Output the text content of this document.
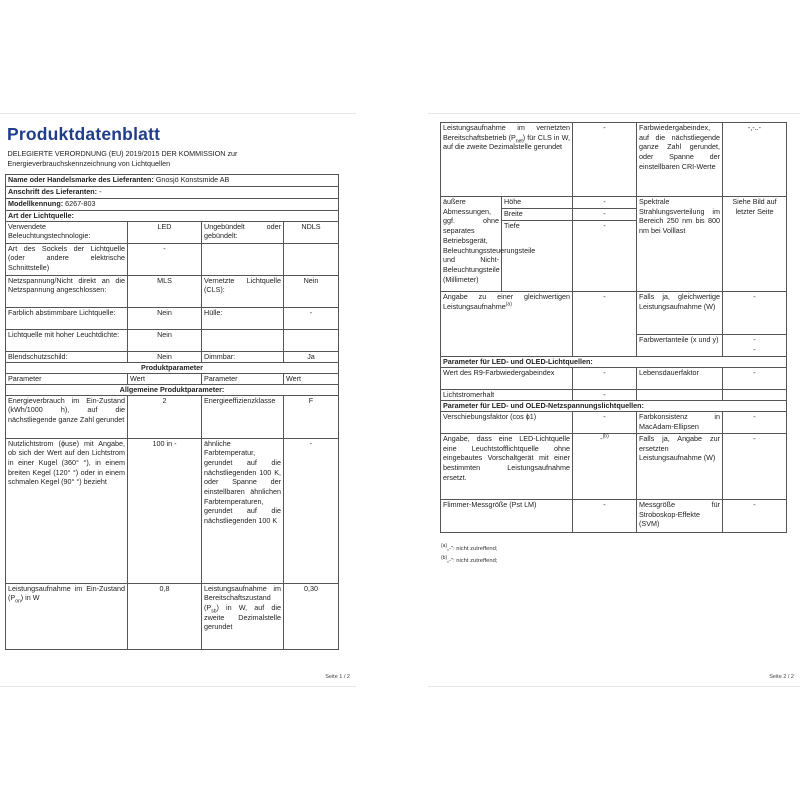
Produktdatenblatt
DELEGIERTE VERORDNUNG (EU) 2019/2015 DER KOMMISSION zur Energieverbrauchskennzeichnung von Lichtquellen			
Name oder Handelsmarke des Lieferanten: Gnosjö Konstsmide AB			
Anschrift des Lieferanten: -			
Modellkennung: 6267-803			
Art der Lichtquelle:			
Verwendete Beleuchtungstechnologie:	LED	Ungebündelt oder gebündelt:	NDLS
Art des Sockels der Lichtquelle (oder andere elektrische Schnittstelle)	-		
Netzspannung/Nicht direkt an die Netzspannung angeschlossen:	MLS	Vernetzte Lichtquelle (CLS):	Nein
Farblich abstimmbare Lichtquelle:	Nein	Hülle:	-
Lichtquelle mit hoher Leuchtdichte:	Nein		
Blendschutzschild:	Nein	Dimmbar:	Ja
Produktparameter			
Parameter	Wert	Parameter	Wert
Allgemeine Produktparameter:			
Energieverbrauch im Ein-Zustand (kWh/1000 h), auf die nächstliegende ganze Zahl gerundet	2	Energieeffizienzklasse	F
Nutzlichtstrom (ϕuse) mit Angabe, ob sich der Wert auf den Lichtstrom in einer Kugel (360° °), in einem breiten Kegel (120° °) oder in einem schmalen Kegel (90° °) bezieht	100 in -	ähnliche Farbtemperatur, gerundet auf die nächstliegenden 100 K, oder Spanne der einstellbaren ähnlichen Farbtemperaturen, gerundet auf die nächstliegenden 100 K	-
Leistungsaufnahme im Ein-Zustand $(P_{on})$ in W	0,8	Leistungsaufnahme im Bereitschaftszustand $(P_{sb})$ in W, auf die zweite Dezimalstelle gerundet	0,30
Seite 1 / 2
Leistungsaufnahme im vernetzten Bereitschaftsbetrieb $(P_{net})$ für CLS in W, auf die zweite Dezimalstelle gerundet		-	Farbwiedergabeindex, auf die nächstliegende ganze Zahl gerundet, oder Spanne der einstellbaren CRI-Werte	-,-..-
äußere Abmessungen, ggf. ohne separates Betriebsgerät, Beleuchtungssteuerungsteile und Nicht-Beleuchtungsteile (Millimeter)	Höhe	-	Spektrale Strahlungsverteilung im Bereich 250 nm bis 800 nm bei Volllast	Siehe Bild auf letzter Seite
	Breite	-		
	Tiefe	-		
Angabe zu einer gleichwertigen Leistungsaufnahme$^{(a)}$		-	Falls ja, gleichwertige Leistungsaufnahme (W)	-
			Farbwertanteile (x und y)	-
-

Parameter für LED- und OLED-Lichtquellen:				
Wert des R9-Farbwiedergabeindex		-	Lebensdauerfaktor	-
Lichtstromerhalt		-		
Parameter für LED- und OLED-Netzspannungslichtquellen:				
Verschiebungsfaktor (cos ϕ1)		-	Farbkonsistenz in MacAdam-Ellipsen	-
Angabe, dass eine LED-Lichtquelle eine Leuchtstofflichtquelle ohne eingebautes Vorschaltgerät mit einer bestimmten Leistungsaufnahme ersetzt.		-$^{(b)}$	Falls ja, Angabe zur ersetzten Leistungsaufnahme (W)	-
Flimmer-Messgröße (Pst LM)		-	Messgröße für Stroboskop-Effekte (SVM)	-
$^{(a)}$„-": nicht zutreffend;
$^{(b)}$„-": nicht zutreffend;
Seite 2 / 2
